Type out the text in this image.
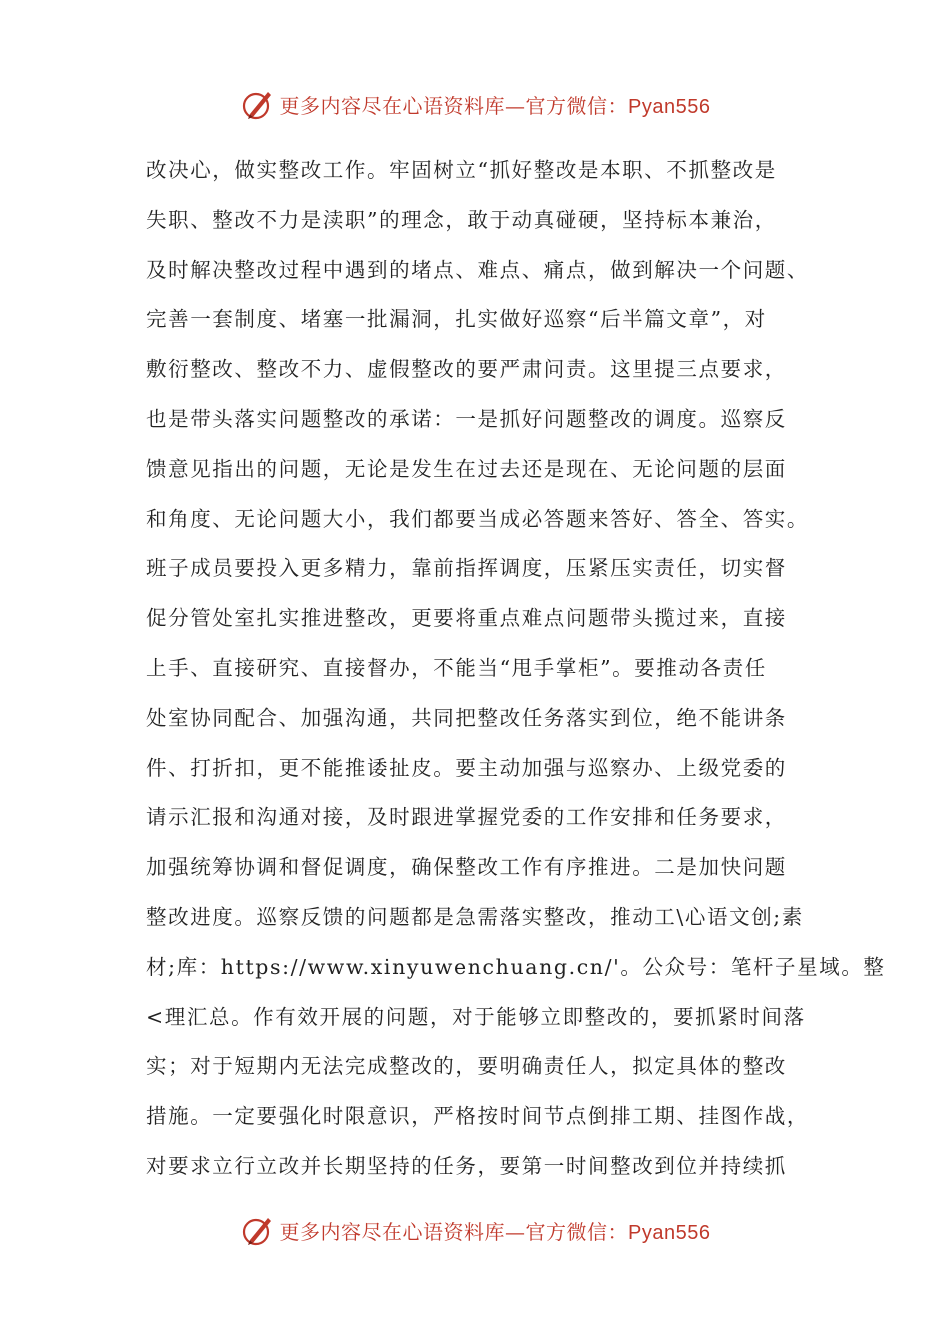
更多内容尽在心语资料库—官方微信：Pyan556
改决心，做实整改工作。牢固树立“抓好整改是本职、不抓整改是
失职、整改不力是渎职”的理念，敢于动真碰硬，坚持标本兼治，
及时解决整改过程中遇到的堵点、难点、痛点，做到解决一个问题、
完善一套制度、堵塞一批漏洞，扎实做好巡察“后半篇文章”，对
敷衍整改、整改不力、虚假整改的要严肃问责。这里提三点要求，
也是带头落实问题整改的承诺：一是抓好问题整改的调度。巡察反
馈意见指出的问题，无论是发生在过去还是现在、无论问题的层面
和角度、无论问题大小，我们都要当成必答题来答好、答全、答实。
班子成员要投入更多精力，靠前指挥调度，压紧压实责任，切实督
促分管处室扎实推进整改，更要将重点难点问题带头揽过来，直接
上手、直接研究、直接督办，不能当“甩手掌柜”。要推动各责任
处室协同配合、加强沟通，共同把整改任务落实到位，绝不能讲条
件、打折扣，更不能推诿扯皮。要主动加强与巡察办、上级党委的
请示汇报和沟通对接，及时跟进掌握党委的工作安排和任务要求，
加强统筹协调和督促调度，确保整改工作有序推进。二是加快问题
整改进度。巡察反馈的问题都是急需落实整改，推动工\心语文创;素
材;库：https://www.xinyuwenchuang.cn/'。公众号：笔杆子星域。整
<理汇总。作有效开展的问题，对于能够立即整改的，要抓紧时间落
实；对于短期内无法完成整改的，要明确责任人，拟定具体的整改
措施。一定要强化时限意识，严格按时间节点倒排工期、挂图作战，
对要求立行立改并长期坚持的任务，要第一时间整改到位并持续抓
更多内容尽在心语资料库—官方微信：Pyan556
